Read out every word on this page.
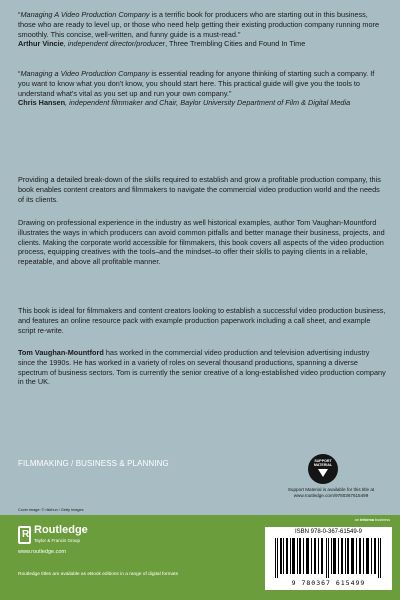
“Managing A Video Production Company is a terrific book for producers who are starting out in this business, those who are ready to level up, or those who need help getting their existing production company running more smoothly. This concise, well-written, and funny guide is a must-read.”

Arthur Vincie, independent director/producer, Three Trembling Cities and Found In Time

“Managing a Video Production Company is essential reading for anyone thinking of starting such a company. If you want to know what you don't know, you should start here. This practical guide will give you the tools to understand what's vital as you set up and run your own company.”

Chris Hansen, independent filmmaker and Chair, Baylor University Department of Film & Digital Media

Providing a detailed break-down of the skills required to establish and grow a profitable production company, this book enables content creators and filmmakers to navigate the commercial video production world and the needs of its clients.

Drawing on professional experience in the industry as well historical examples, author Tom Vaughan-Mountford illustrates the ways in which producers can avoid common pitfalls and better manage their business, projects, and clients. Making the corporate world accessible for filmmakers, this book covers all aspects of the video production process, equipping creatives with the tools–and the mindset–to offer their skills to paying clients in a reliable, repeatable, and above all profitable manner.

This book is ideal for filmmakers and content creators looking to establish a successful video production business, and features an online resource pack with example production paperwork including a call sheet, and example script re-write.

Tom Vaughan-Mountford has worked in the commercial video production and television advertising industry since the 1990s. He has worked in a variety of roles on several thousand productions, spanning a diverse spectrum of business sectors. Tom is currently the senior creative of a long-established video production company in the UK.

FILMMAKING / BUSINESS & PLANNING	SUPPORT MATERIAL
Support Material is available for this title at www.routledge.com/9780367615499
Cover image: © rikkhun / Getty Images
R Routledge
Taylor & Francis Group
www.routledge.com
Routledge titles are available as eBook editions in a range of digital formats
an informa business
ISBN 978-0-367-61549-9
9 780367 615499
